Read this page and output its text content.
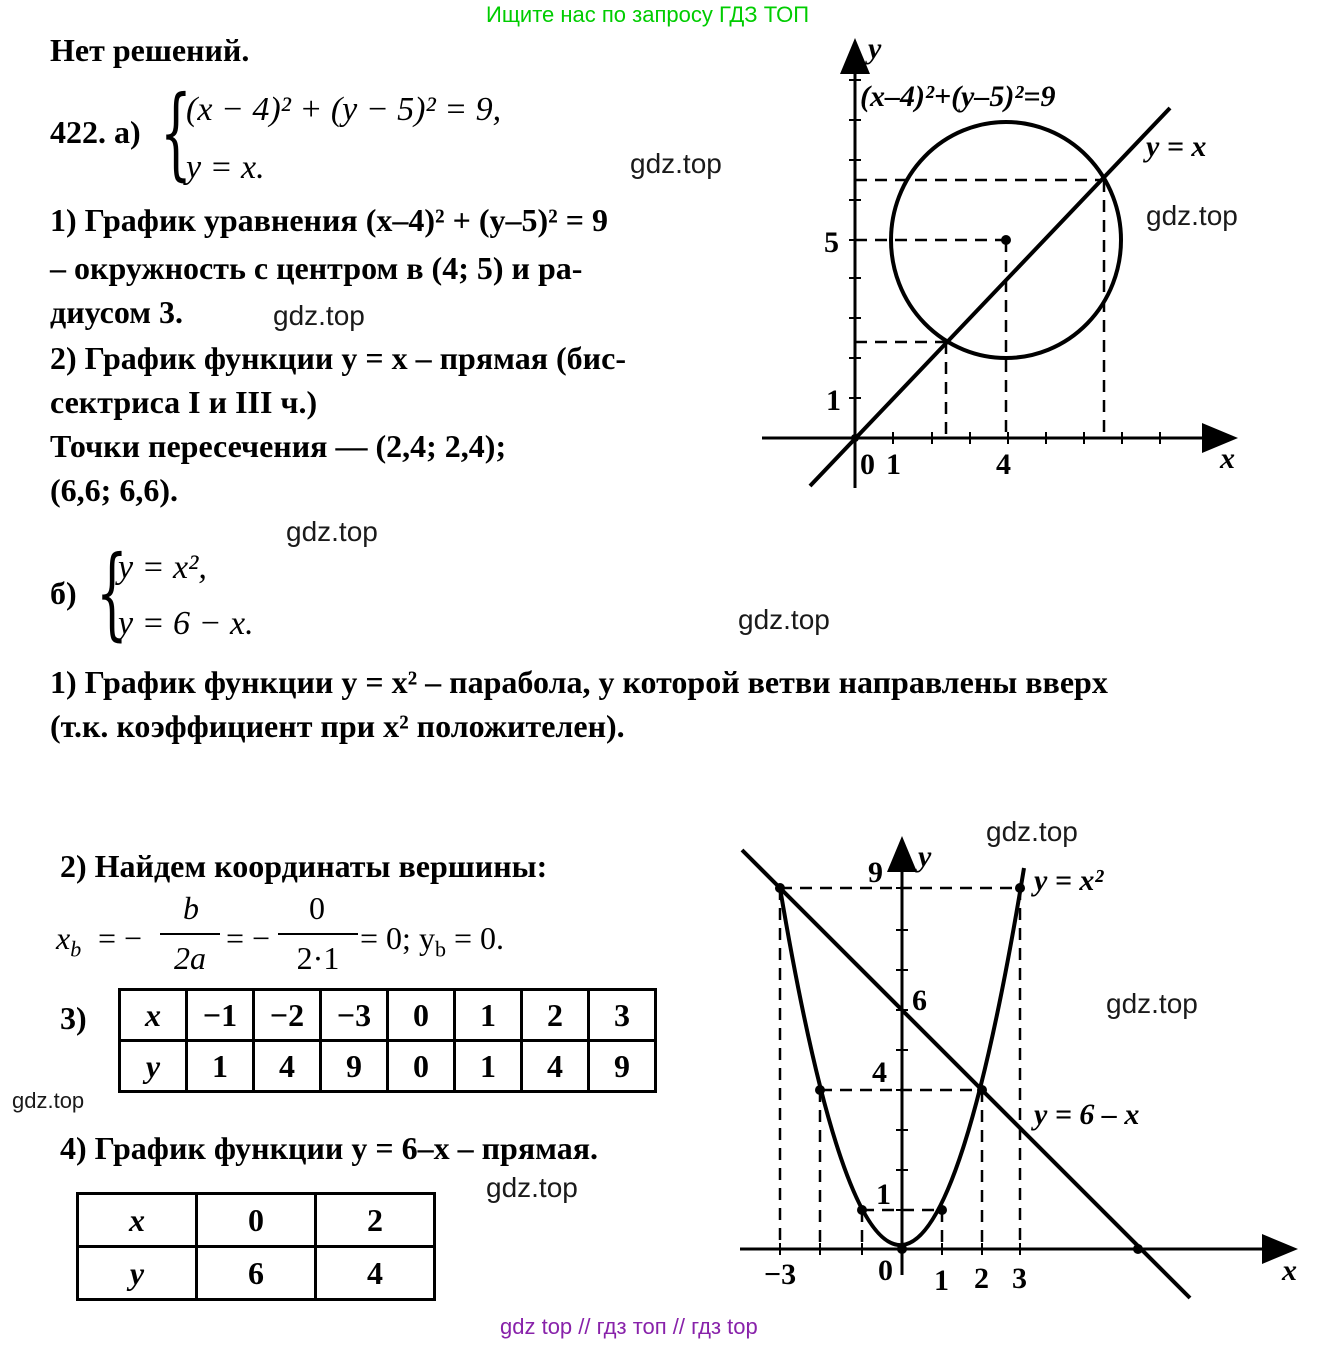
Ищите нас по запросу ГДЗ ТОП
Нет решений.
422. а) {
(x − 4)² + (y − 5)² = 9,
y = x.	gdz.top
1) График уравнения (x–4)² + (y–5)² = 9
– окружность с центром в (4; 5) и ра-
диусом 3.	gdz.top
2) График функции y = x – прямая (бис-
сектриса I и III ч.)
Точки пересечения — (2,4; 2,4);
(6,6; 6,6).
gdz.top
б) {
y = x²,
y = 6 − x.	gdz.top
1) График функции y = x² – парабола, у которой ветви направлены вверх
(т.к. коэффициент при x² положителен).
2) Найдем координаты вершины:
$x_b$ = −
b
2a
= −
0
2·1
= 0; $y_b = 0$.
3) x	−1	−2	−3	0	1	2	3
y	1	4	9	0	1	4	9
gdz.top
4) График функции y = 6–x – прямая.
gdz.top
x	0	2
y	6	4
y
x
(x–4)²+(y–5)²=9
y = x
5
1
0 1	4
gdz.top
y
x
y = x²
y = 6 – x
9
6
4
1
−3	0 1 2 3
gdz.top
gdz.top
gdz top // гдз топ // гдз top
